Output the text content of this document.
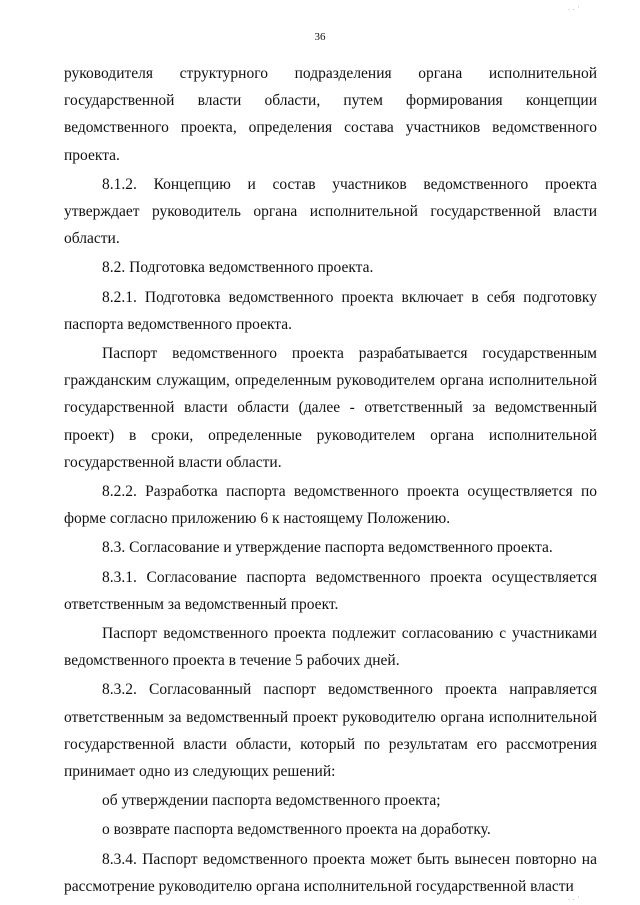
36

руководителя структурного подразделения органа исполнительной государственной власти области, путем формирования концепции ведомственного проекта, определения состава участников ведомственного проекта.

8.1.2. Концепцию и состав участников ведомственного проекта утверждает руководитель органа исполнительной государственной власти области.

8.2. Подготовка ведомственного проекта.

8.2.1. Подготовка ведомственного проекта включает в себя подготовку паспорта ведомственного проекта.

Паспорт ведомственного проекта разрабатывается государственным гражданским служащим, определенным руководителем органа исполнительной государственной власти области (далее - ответственный за ведомственный проект) в сроки, определенные руководителем органа исполнительной государственной власти области.

8.2.2. Разработка паспорта ведомственного проекта осуществляется по форме согласно приложению 6 к настоящему Положению.

8.3. Согласование и утверждение паспорта ведомственного проекта.

8.3.1. Согласование паспорта ведомственного проекта осуществляется ответственным за ведомственный проект.

Паспорт ведомственного проекта подлежит согласованию с участниками ведомственного проекта в течение 5 рабочих дней.

8.3.2. Согласованный паспорт ведомственного проекта направляется ответственным за ведомственный проект руководителю органа исполнительной государственной власти области, который по результатам его рассмотрения принимает одно из следующих решений:

об утверждении паспорта ведомственного проекта;

о возврате паспорта ведомственного проекта на доработку.

8.3.4. Паспорт ведомственного проекта может быть вынесен повторно на рассмотрение руководителю органа исполнительной государственной власти

. . ·
. . ·
